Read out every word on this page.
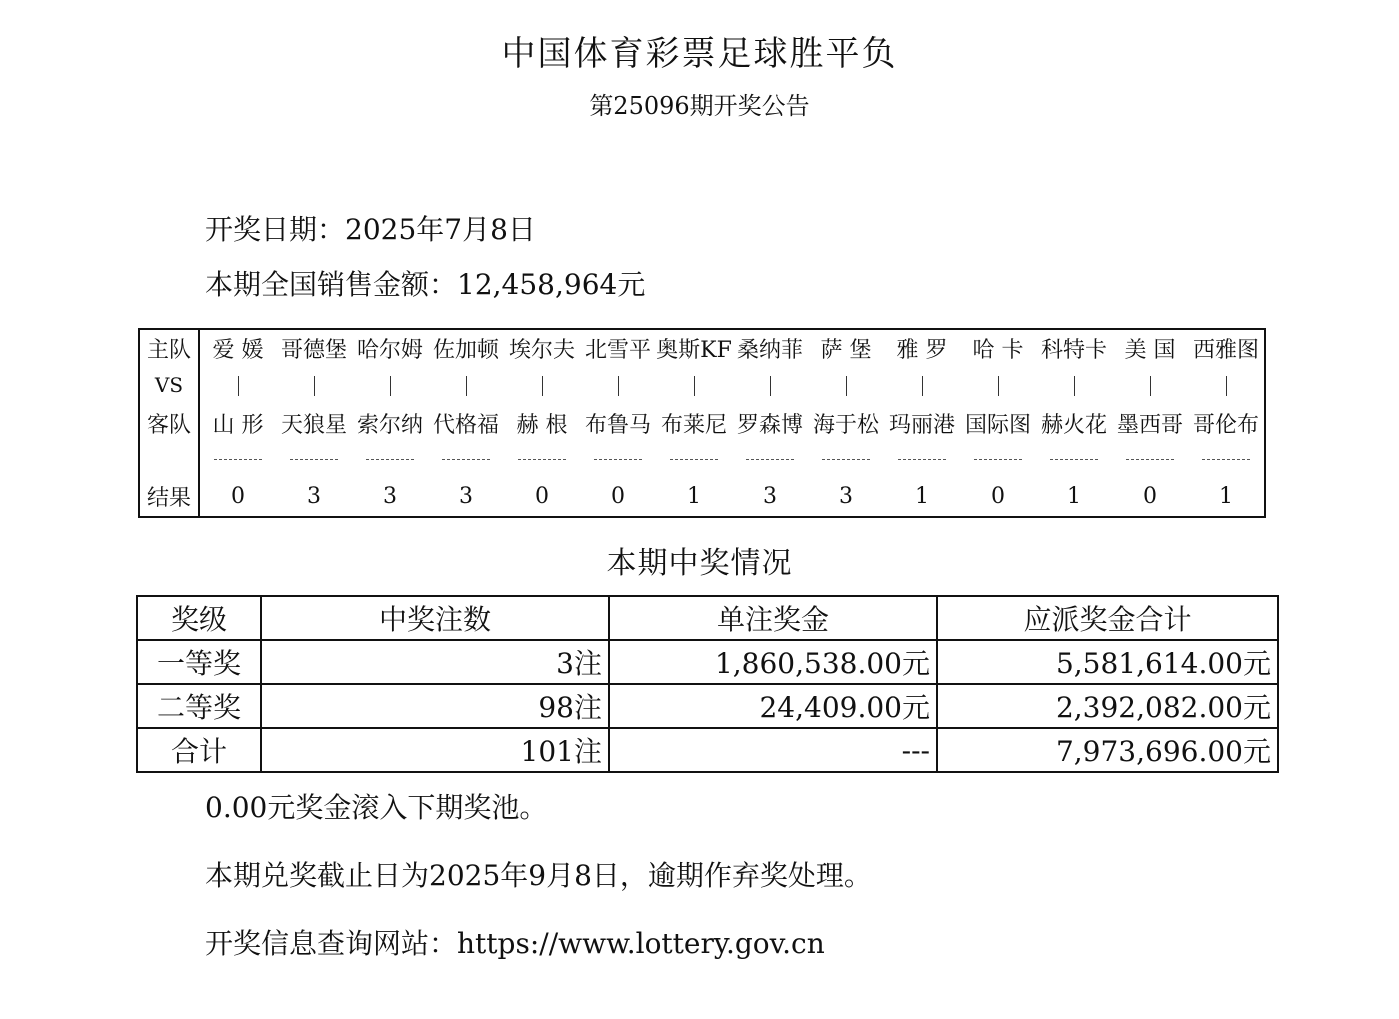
中国体育彩票足球胜平负
第25096期开奖公告
开奖日期：2025年7月8日
本期全国销售金额：12,458,964元
主队	爱 媛	哥德堡	哈尔姆	佐加顿	埃尔夫	北雪平	奥斯KF	桑纳菲	萨 堡	雅 罗	哈 卡	科特卡	美 国	西雅图
VS														
客队	山 形	天狼星	索尔纳	代格福	赫 根	布鲁马	布莱尼	罗森博	海于松	玛丽港	国际图	赫火花	墨西哥	哥伦布

结果	0	3	3	3	0	0	1	3	3	1	0	1	0	1
本期中奖情况
奖级	中奖注数	单注奖金	应派奖金合计
一等奖	3注	1,860,538.00元	5,581,614.00元
二等奖	98注	24,409.00元	2,392,082.00元
合计	101注	---	7,973,696.00元
0.00元奖金滚入下期奖池。
本期兑奖截止日为2025年9月8日，逾期作弃奖处理。
开奖信息查询网站：https://www.lottery.gov.cn
